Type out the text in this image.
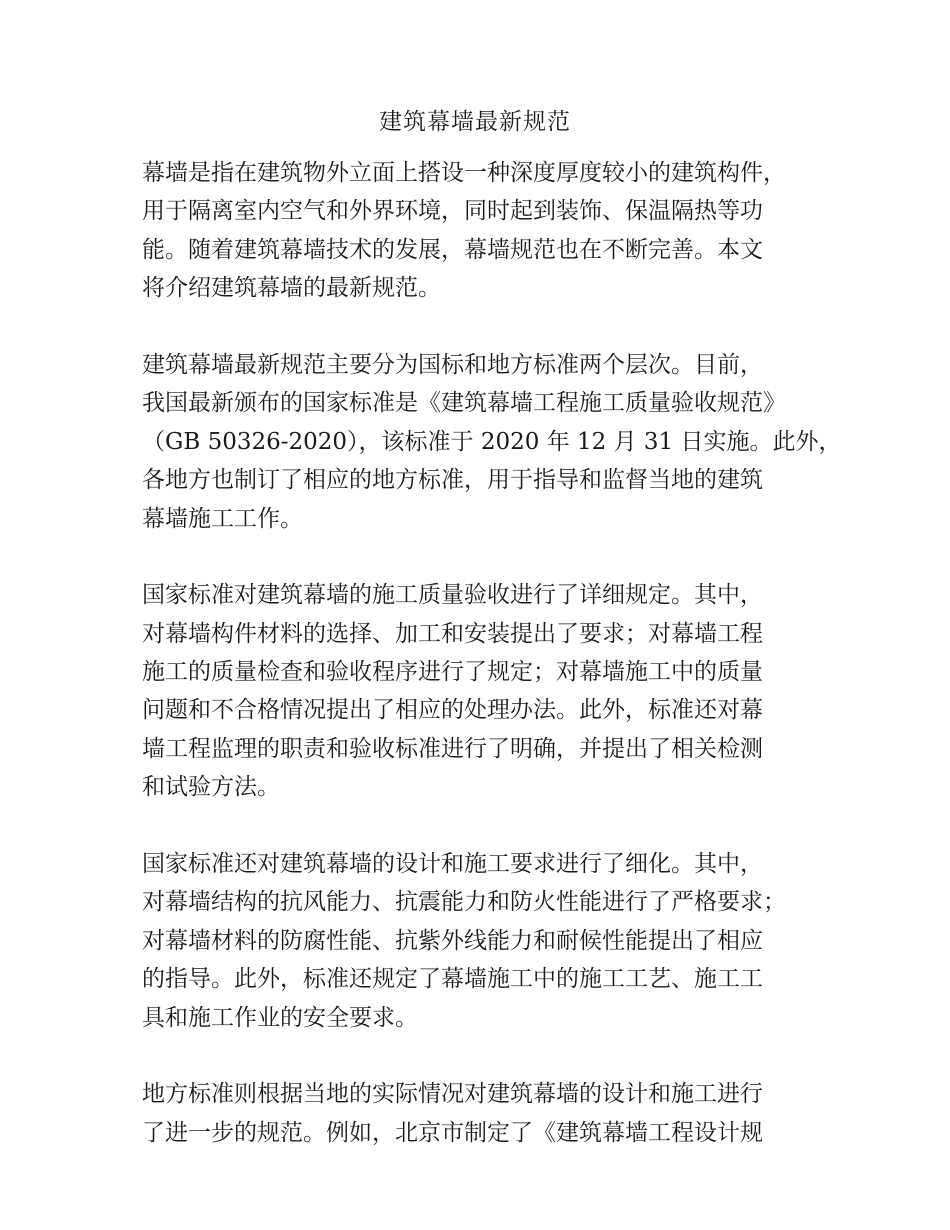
建筑幕墙最新规范
幕墙是指在建筑物外立面上搭设一种深度厚度较小的建筑构件，
用于隔离室内空气和外界环境，同时起到装饰、保温隔热等功
能。随着建筑幕墙技术的发展，幕墙规范也在不断完善。本文
将介绍建筑幕墙的最新规范。
建筑幕墙最新规范主要分为国标和地方标准两个层次。目前，
我国最新颁布的国家标准是《建筑幕墙工程施工质量验收规范》
（GB 50326-2020），该标准于 2020 年 12 月 31 日实施。此外，
各地方也制订了相应的地方标准，用于指导和监督当地的建筑
幕墙施工工作。
国家标准对建筑幕墙的施工质量验收进行了详细规定。其中，
对幕墙构件材料的选择、加工和安装提出了要求；对幕墙工程
施工的质量检查和验收程序进行了规定；对幕墙施工中的质量
问题和不合格情况提出了相应的处理办法。此外，标准还对幕
墙工程监理的职责和验收标准进行了明确，并提出了相关检测
和试验方法。
国家标准还对建筑幕墙的设计和施工要求进行了细化。其中，
对幕墙结构的抗风能力、抗震能力和防火性能进行了严格要求；
对幕墙材料的防腐性能、抗紫外线能力和耐候性能提出了相应
的指导。此外，标准还规定了幕墙施工中的施工工艺、施工工
具和施工作业的安全要求。
地方标准则根据当地的实际情况对建筑幕墙的设计和施工进行
了进一步的规范。例如，北京市制定了《建筑幕墙工程设计规
